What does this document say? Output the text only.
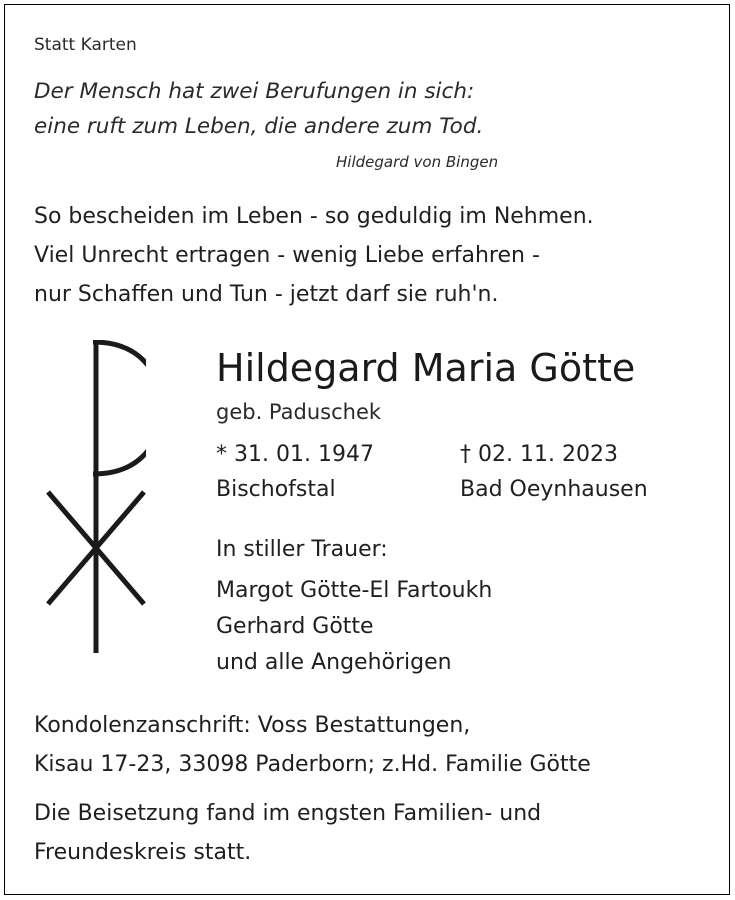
Statt Karten
Der Mensch hat zwei Berufungen in sich:
eine ruft zum Leben, die andere zum Tod.
Hildegard von Bingen
So bescheiden im Leben - so geduldig im Nehmen.
Viel Unrecht ertragen - wenig Liebe erfahren -
nur Schaffen und Tun - jetzt darf sie ruh'n.
Hildegard Maria Götte
geb. Paduschek
* 31. 01. 1947	† 02. 11. 2023
Bischofstal	Bad Oeynhausen
In stiller Trauer:
Margot Götte-El Fartoukh
Gerhard Götte
und alle Angehörigen
Kondolenzanschrift: Voss Bestattungen,
Kisau 17-23, 33098 Paderborn; z.Hd. Familie Götte
Die Beisetzung fand im engsten Familien- und
Freundeskreis statt.
